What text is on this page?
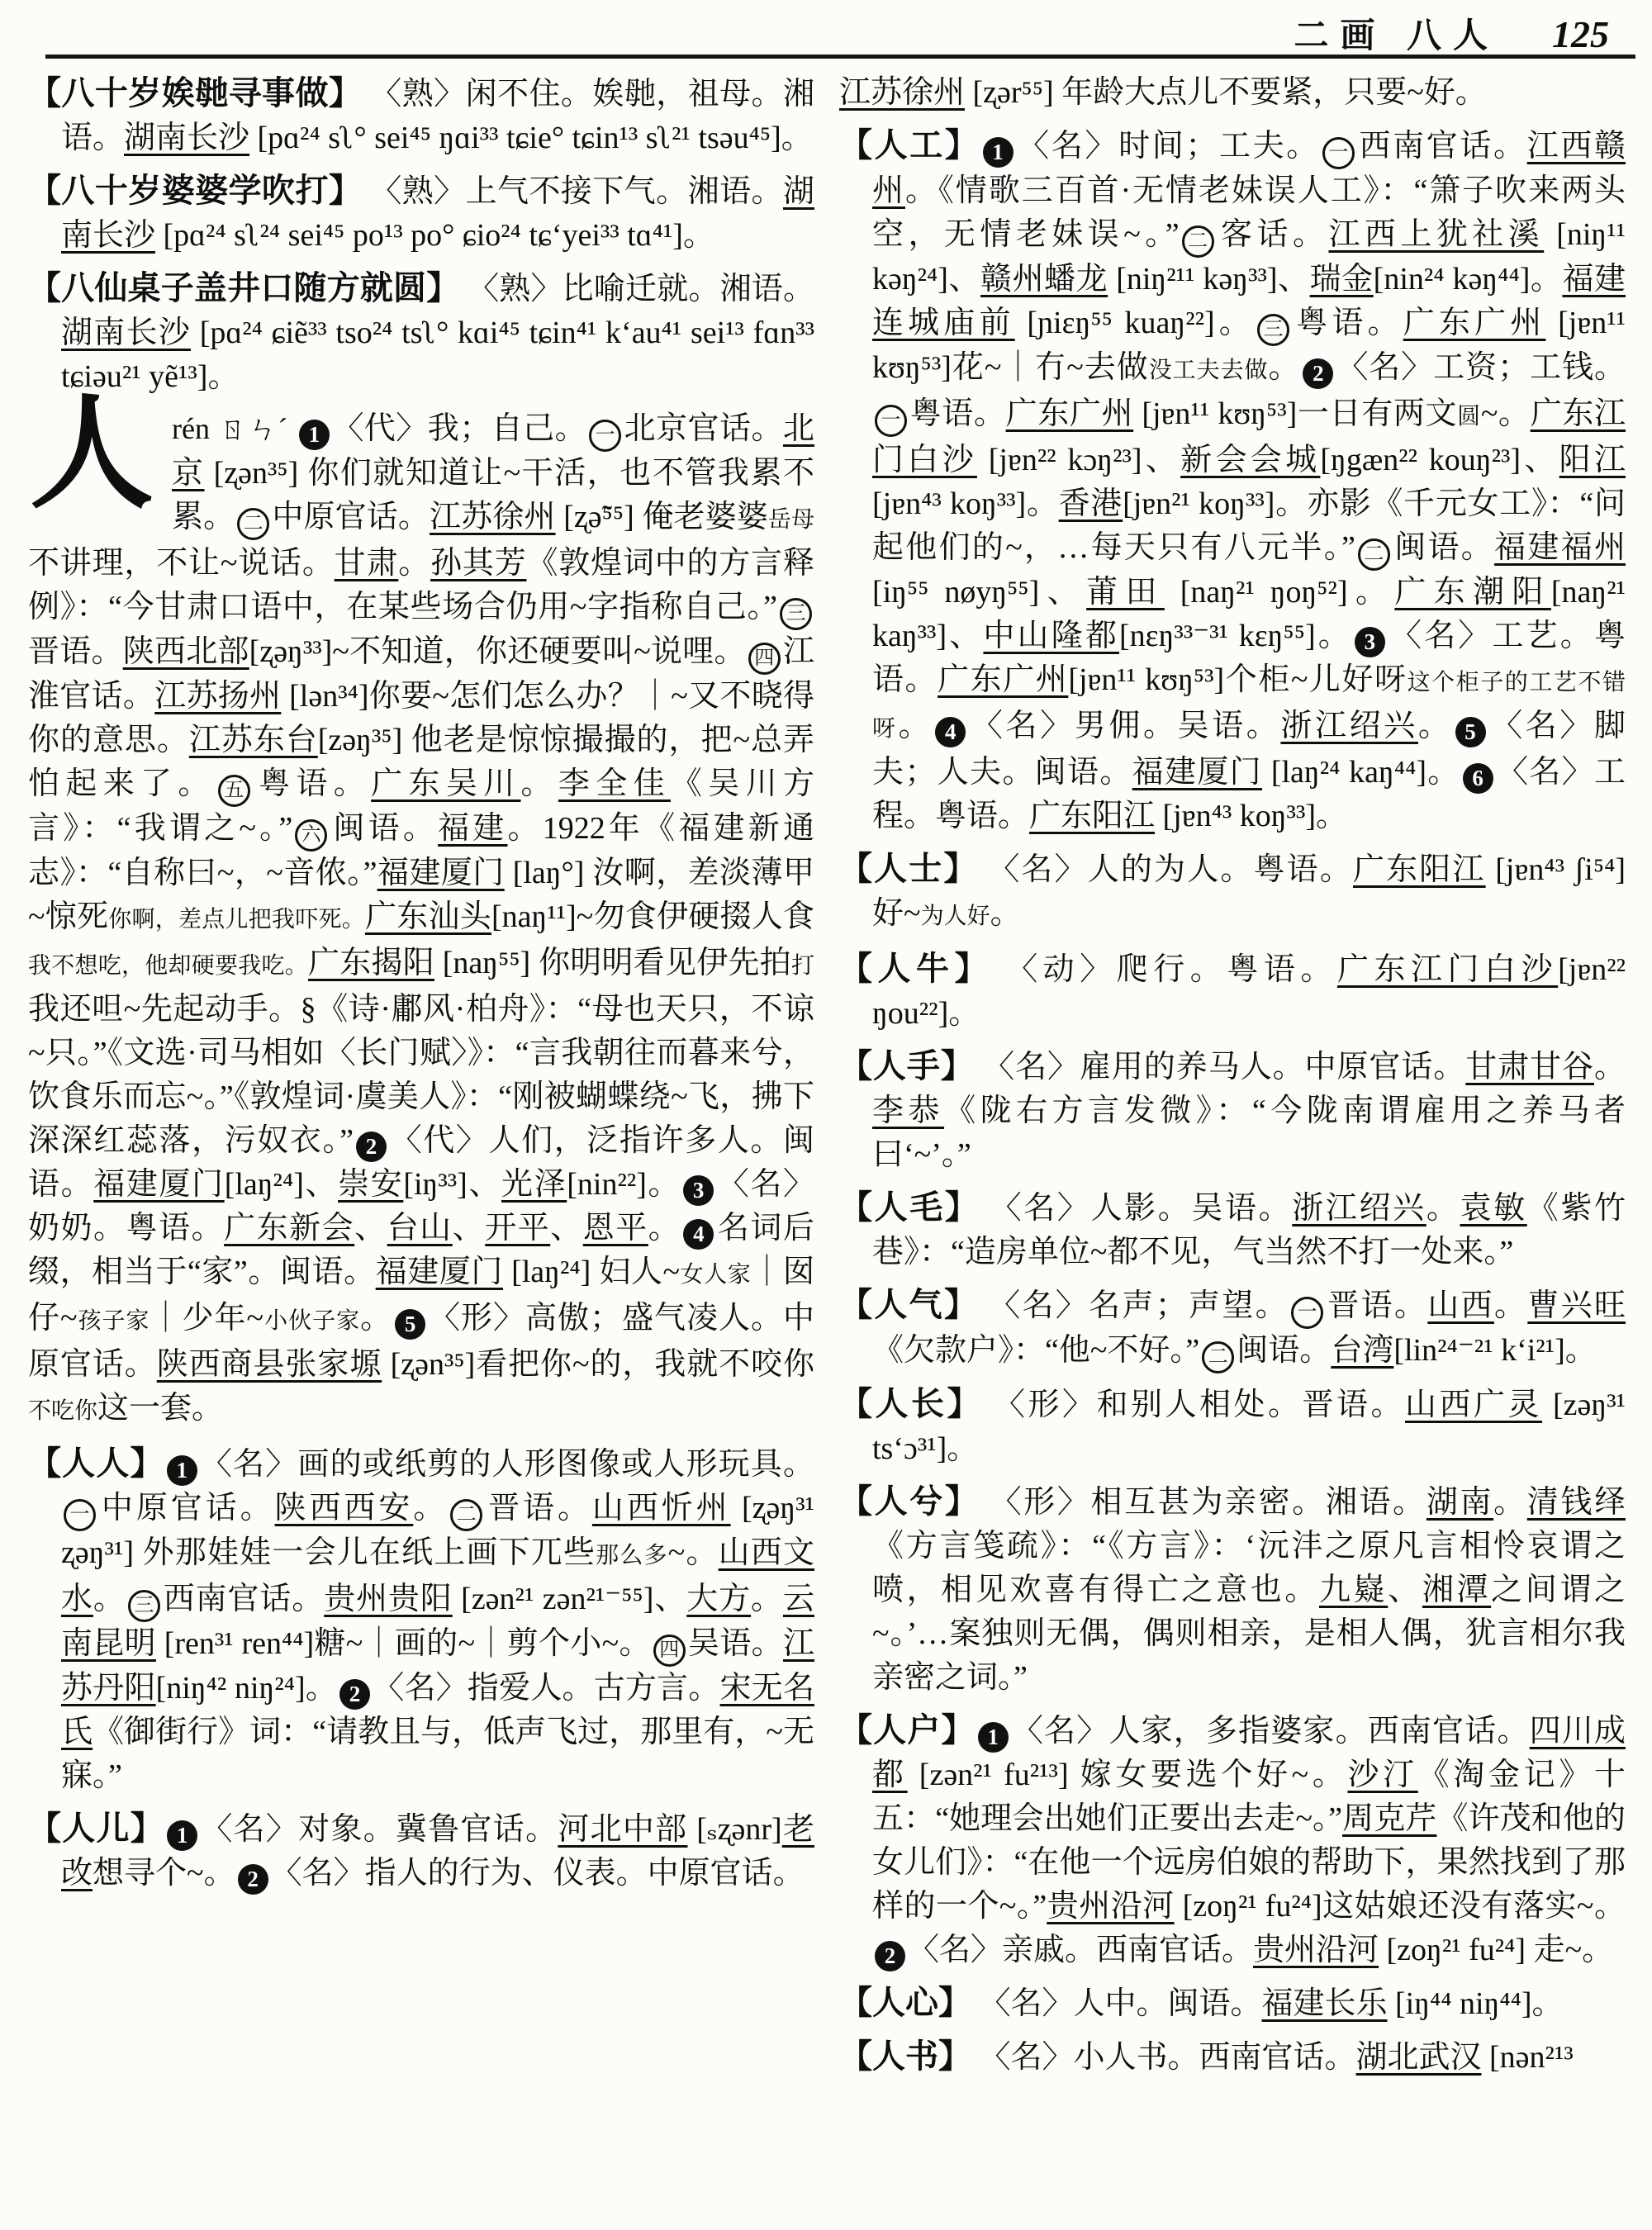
二画 八人 125
【八十岁娭毑寻事做】 〈熟〉闲不住。娭毑，祖母。湘语。湖南长沙 [pɑ²⁴ sʅ° sei⁴⁵ ŋɑi³³ tɕie° tɕin¹³ sʅ²¹ tsəu⁴⁵]。
【八十岁婆婆学吹打】 〈熟〉上气不接下气。湘语。湖南长沙 [pɑ²⁴ sʅ²⁴ sei⁴⁵ po¹³ po° ɕio²⁴ tɕʻyei³³ tɑ⁴¹]。
【八仙桌子盖井口随方就圆】 〈熟〉比喻迁就。湘语。湖南长沙 [pɑ²⁴ ɕiẽ³³ tso²⁴ tsʅ° kɑi⁴⁵ tɕin⁴¹ kʻau⁴¹ sei¹³ fɑn³³ tɕiəu²¹ yẽ¹³]。
人rén ㄖㄣˊ 1 〈代〉我；自己。 一 北京官话。北京 [ʐən³⁵] 你们就知道让~干活，也不管我累不累。 二 中原官话。江苏徐州 [ʐə̃⁵⁵] 俺老婆婆岳母不讲理，不让~说话。甘肃。孙其芳《敦煌词中的方言释例》：“今甘肃口语中，在某些场合仍用~字指称自己。” 三晋语。陕西北部[ʐəŋ³³]~不知道，你还硬要叫~说哩。 四 江淮官话。江苏扬州 [lən³⁴]你要~怎们怎么办？｜~又不晓得你的意思。江苏东台[zəŋ³⁵] 他老是惊惊撮撮的，把~总弄怕起来了。 五 粤语。广东吴川。李全佳《吴川方言》：“我谓之~。” 六 闽语。福建。1922年《福建新通志》：“自称曰~，~音侬。”福建厦门 [laŋ°] 汝啊，差淡薄甲~惊死你啊，差点儿把我吓死。广东汕头[naŋ¹¹]~勿食伊硬掇人食我不想吃，他却硬要我吃。广东揭阳 [naŋ⁵⁵] 你明明看见伊先拍打我还呾~先起动手。§《诗·鄘风·柏舟》：“母也天只，不谅~只。”《文选·司马相如〈长门赋〉》：“言我朝往而暮来兮，饮食乐而忘~。”《敦煌词·虞美人》：“刚被蝴蝶绕~飞，拂下深深红蕊落，污奴衣。” 2 〈代〉人们，泛指许多人。闽语。福建厦门[laŋ²⁴]、崇安[iŋ³³]、光泽[nin²²]。 3 〈名〉奶奶。粤语。广东新会、台山、开平、恩平。 4 名词后缀，相当于“家”。闽语。福建厦门 [laŋ²⁴] 妇人~女人家｜囡仔~孩子家｜少年~小伙子家。 5 〈形〉高傲；盛气凌人。中原官话。陕西商县张家塬 [ʐən³⁵]看把你~的，我就不咬你不吃你这一套。
【人人】 1 〈名〉画的或纸剪的人形图像或人形玩具。一 中原官话。陕西西安。 二 晋语。山西忻州 [ʐəŋ³¹ ʐəŋ³¹] 外那娃娃一会儿在纸上画下兀些那么多~。山西文水。 三 西南官话。贵州贵阳 [zən²¹ zən²¹⁻⁵⁵]、大方。云南昆明 [ren³¹ ren⁴⁴]糖~｜画的~｜剪个小~。 四 吴语。江苏丹阳[niŋ⁴² niŋ²⁴]。 2 〈名〉指爱人。古方言。宋无名氏《御街行》词：“请教且与，低声飞过，那里有，~无寐。”
【人儿】 1 〈名〉对象。冀鲁官话。河北中部 [ₛʐənr]老改想寻个~。 2 〈名〉指人的行为、仪表。中原官话。
江苏徐州 [ʐər⁵⁵] 年龄大点儿不要紧，只要~好。
【人工】 1 〈名〉时间；工夫。 一 西南官话。江西赣州。《情歌三百首·无情老妹误人工》：“箫子吹来两头空，无情老妹误~。” 二 客话。江西上犹社溪 [niŋ¹¹ kəŋ²⁴]、赣州蟠龙 [niŋ²¹¹ kəŋ³³]、瑞金[nin²⁴ kəŋ⁴⁴]。福建连城庙前 [ɲiɛŋ⁵⁵ kuaŋ²²]。 三 粤语。广东广州 [jɐn¹¹ kʊŋ⁵³]花~｜冇~去做没工夫去做。 2 〈名〉工资；工钱。一 粤语。广东广州 [jɐn¹¹ kʊŋ⁵³]一日有两文圆~。广东江门白沙 [jɐn²² kɔŋ²³]、新会会城[ŋgæn²² kouŋ²³]、阳江[jɐn⁴³ koŋ³³]。香港[jɐn²¹ koŋ³³]。亦影《千元女工》：“问起他们的~，…每天只有八元半。” 二 闽语。福建福州 [iŋ⁵⁵ nøyŋ⁵⁵]、莆田 [naŋ²¹ ŋoŋ⁵²]。广东潮阳[naŋ²¹ kaŋ³³]、中山隆都[nɛŋ³³⁻³¹ kɛŋ⁵⁵]。 3 〈名〉工艺。粤语。广东广州[jɐn¹¹ kʊŋ⁵³]个柜~儿好呀这个柜子的工艺不错呀。 4 〈名〉男佣。吴语。浙江绍兴。 5 〈名〉脚夫；人夫。闽语。福建厦门 [laŋ²⁴ kaŋ⁴⁴]。 6 〈名〉工程。粤语。广东阳江 [jɐn⁴³ koŋ³³]。
【人士】 〈名〉人的为人。粤语。广东阳江 [jɐn⁴³ ʃi⁵⁴] 好~为人好。
【人牛】 〈动〉爬行。粤语。广东江门白沙[jɐn²² ŋou²²]。
【人手】 〈名〉雇用的养马人。中原官话。甘肃甘谷。李恭《陇右方言发微》：“今陇南谓雇用之养马者曰‘~’。”
【人毛】 〈名〉人影。吴语。浙江绍兴。袁敏《紫竹巷》：“造房单位~都不见，气当然不打一处来。”
【人气】 〈名〉名声；声望。 一 晋语。山西。曹兴旺《欠款户》：“他~不好。” 二 闽语。台湾[lin²⁴⁻²¹ kʻi²¹]。
【人长】 〈形〉和别人相处。晋语。山西广灵 [zəŋ³¹ tsʻɔ³¹]。
【人兮】 〈形〉相互甚为亲密。湘语。湖南。清钱绎《方言笺疏》：“《方言》：‘沅沣之原凡言相怜哀谓之喷，相见欢喜有得亡之意也。九嶷、湘潭之间谓之~。’…案独则无偶，偶则相亲，是相人偶，犹言相尔我亲密之词。”
【人户】 1 〈名〉人家，多指婆家。西南官话。四川成都 [zən²¹ fu²¹³] 嫁女要选个好~。沙汀《淘金记》十五：“她理会出她们正要出去走~。”周克芹《许茂和他的女儿们》：“在他一个远房伯娘的帮助下，果然找到了那样的一个~。”贵州沿河 [zoŋ²¹ fu²⁴]这姑娘还没有落实~。2 〈名〉亲戚。西南官话。贵州沿河 [zoŋ²¹ fu²⁴] 走~。
【人心】 〈名〉人中。闽语。福建长乐 [iŋ⁴⁴ niŋ⁴⁴]。
【人书】 〈名〉小人书。西南官话。湖北武汉 [nən²¹³
